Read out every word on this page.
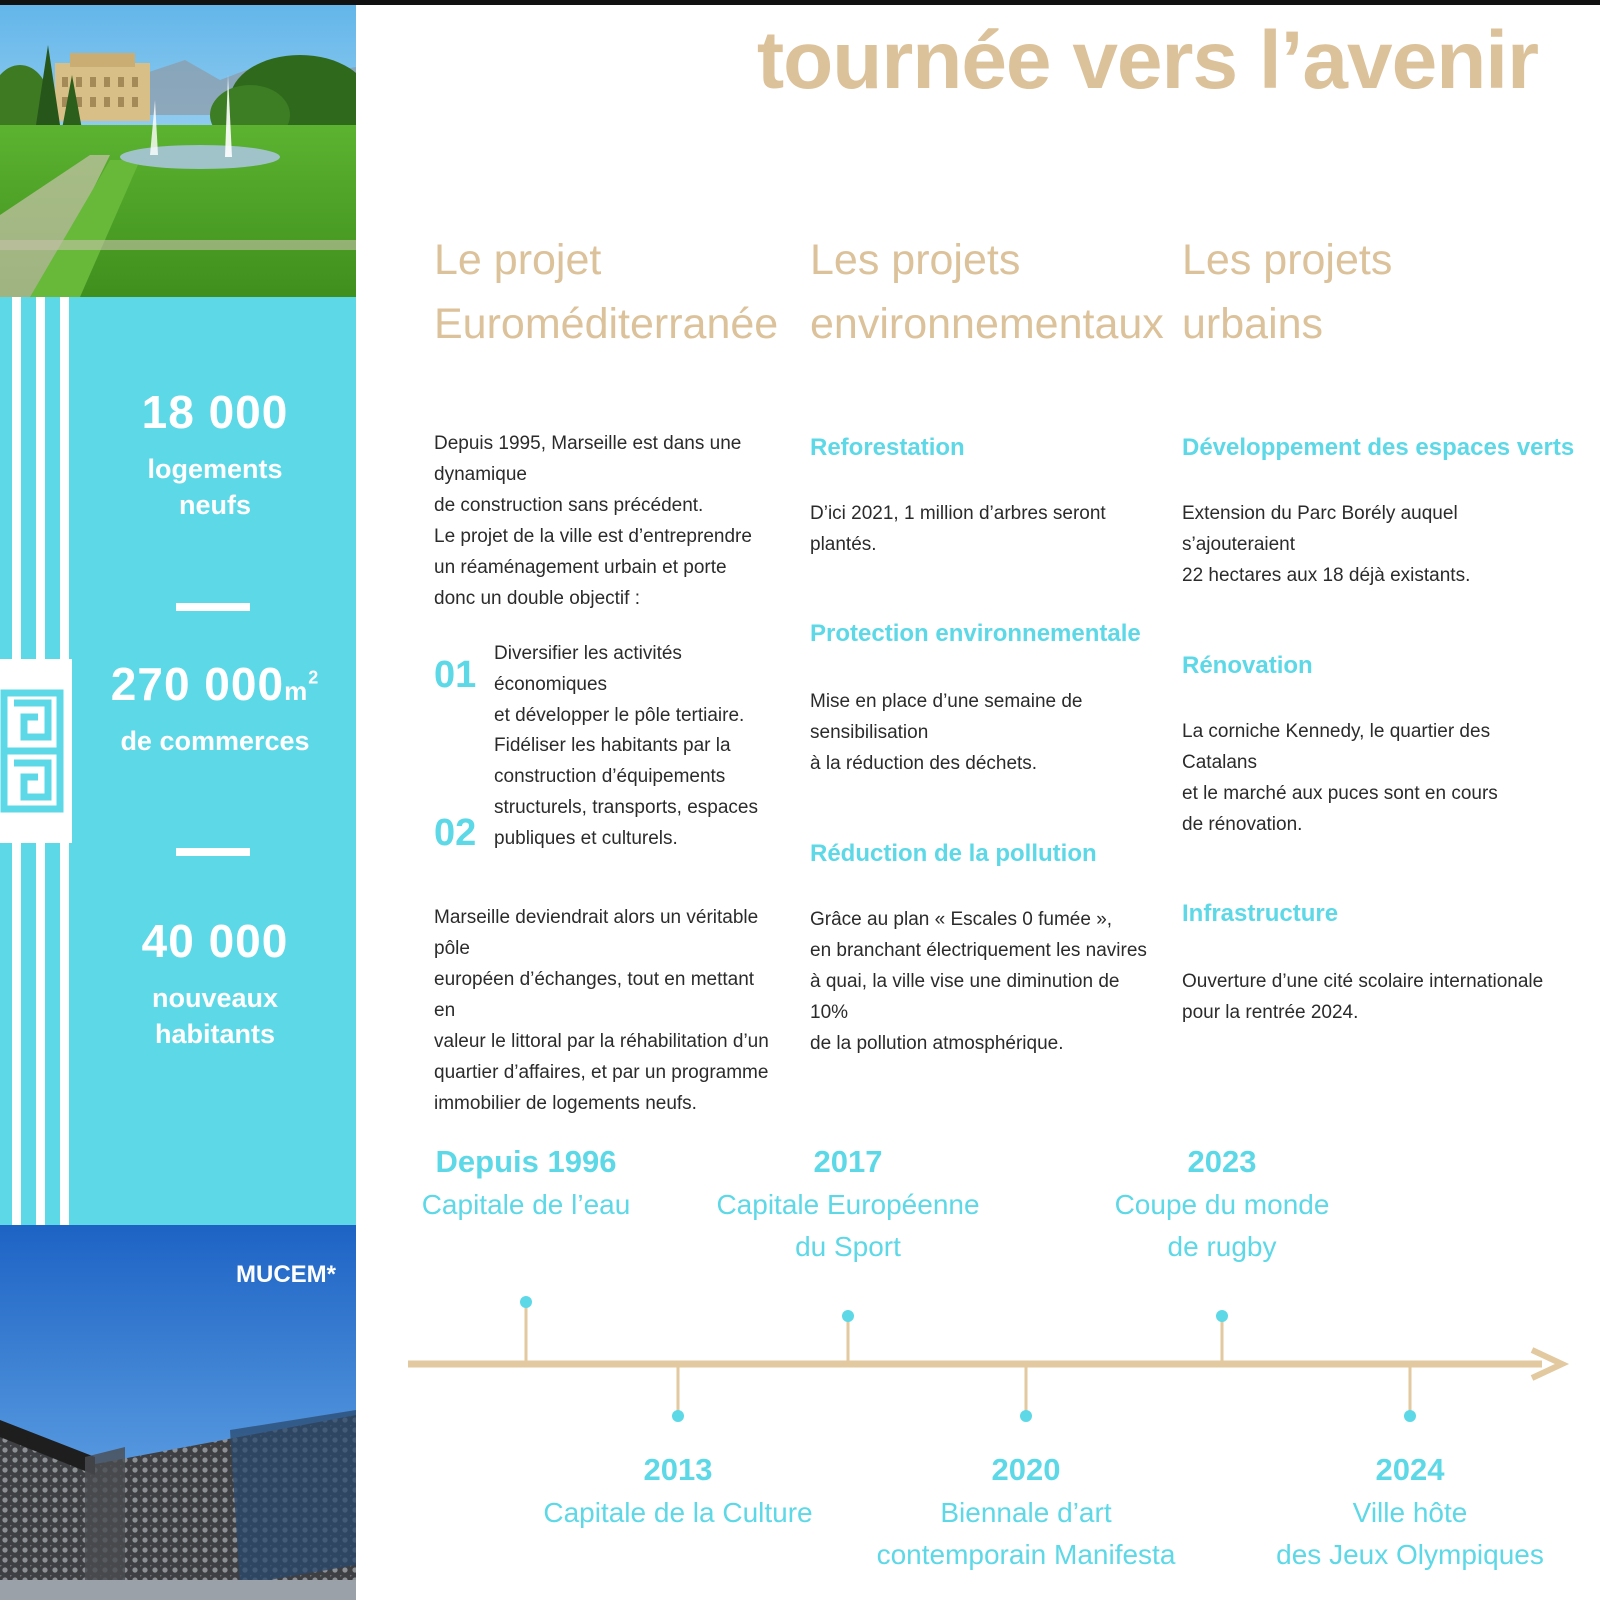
18 000
logements
neufs
270 $000m^2$
de commerces
40 000
nouveaux
habitants
MUCEM*
tournée vers l’avenir
Le projet
Euroméditerranée
Depuis 1995, Marseille est dans une dynamique
de construction sans précédent.
Le projet de la ville est d’entreprendre
un réaménagement urbain et porte
donc un double objectif :
01
Diversifier les activités économiques
et développer le pôle tertiaire.
02
Fidéliser les habitants par la
construction d’équipements
structurels, transports, espaces
publiques et culturels.
Marseille deviendrait alors un véritable pôle
européen d’échanges, tout en mettant en
valeur le littoral par la réhabilitation d’un
quartier d’affaires, et par un programme
immobilier de logements neufs.
Les projets
environnementaux
Reforestation
D’ici 2021, 1 million d’arbres seront plantés.
Protection environnementale
Mise en place d’une semaine de sensibilisation
à la réduction des déchets.
Réduction de la pollution
Grâce au plan « Escales 0 fumée »,
en branchant électriquement les navires
à quai, la ville vise une diminution de 10%
de la pollution atmosphérique.
Les projets
urbains
Développement des espaces verts
Extension du Parc Borély auquel s’ajouteraient
22 hectares aux 18 déjà existants.
Rénovation
La corniche Kennedy, le quartier des Catalans
et le marché aux puces sont en cours
de rénovation.
Infrastructure
Ouverture d’une cité scolaire internationale
pour la rentrée 2024.
Depuis 1996
Capitale de l’eau
2013
Capitale de la Culture
2017
Capitale Européenne
du Sport
2020
Biennale d’art
contemporain Manifesta
2023
Coupe du monde
de rugby
2024
Ville hôte
des Jeux Olympiques
